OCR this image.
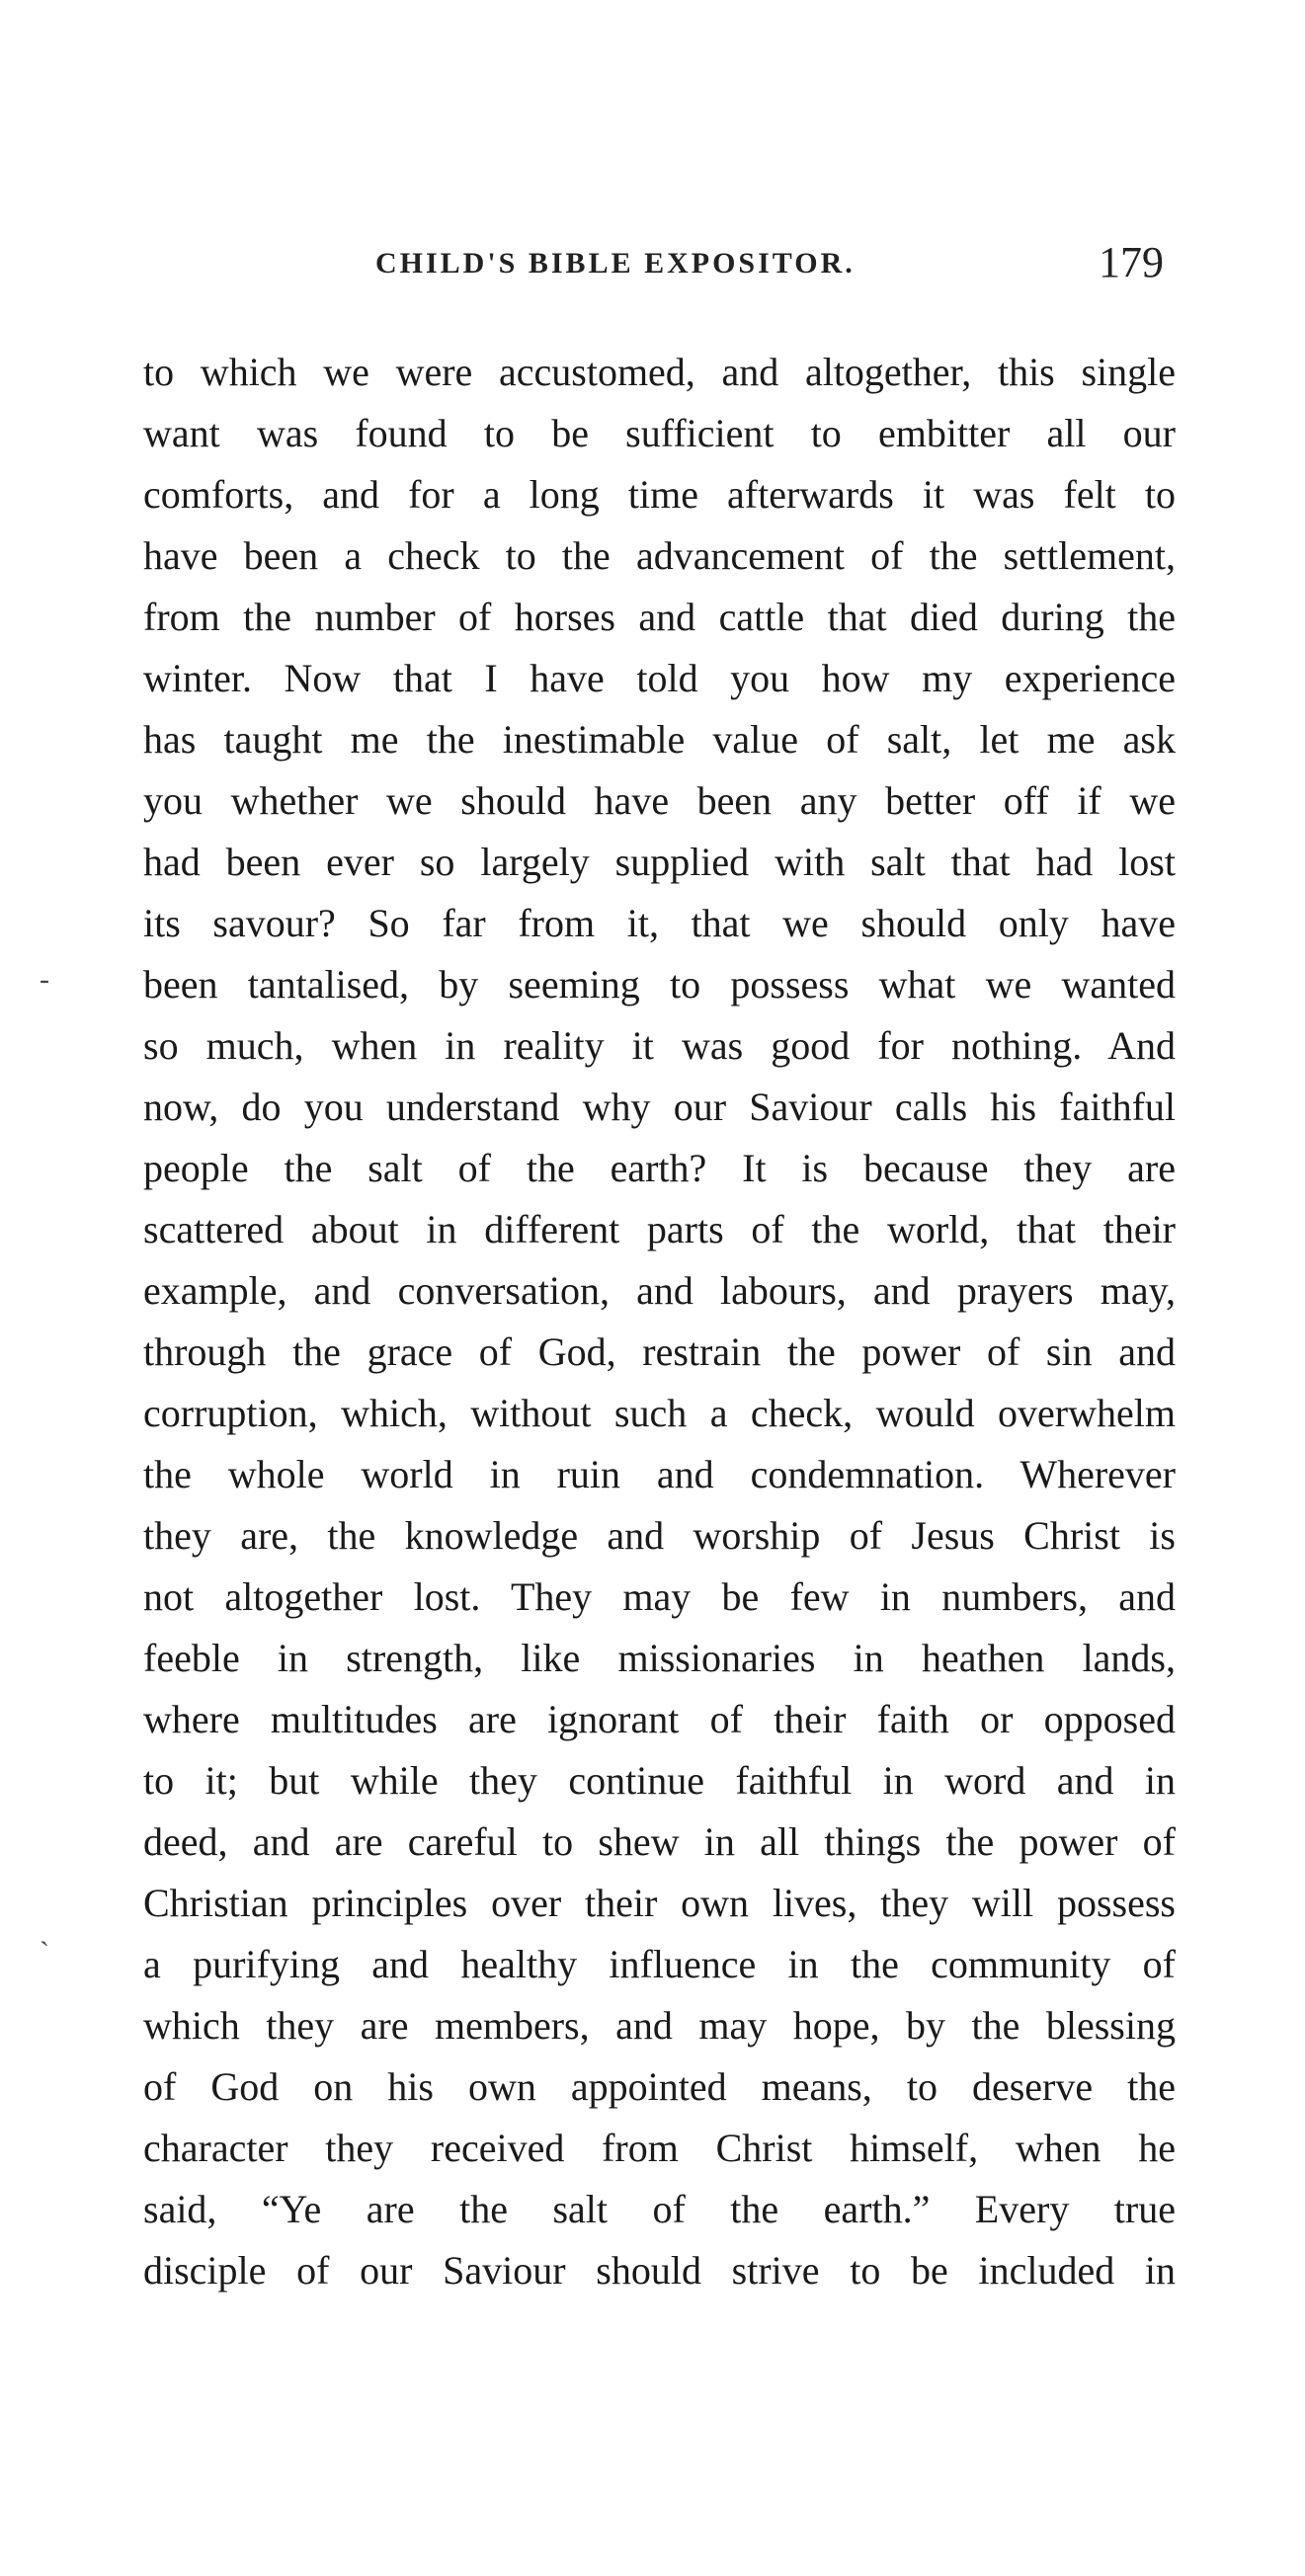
CHILD'S BIBLE EXPOSITOR.	179
to which we were accustomed, and altogether, this single
want was found to be sufficient to embitter all our
comforts, and for a long time afterwards it was felt to
have been a check to the advancement of the settlement,
from the number of horses and cattle that died during the
winter. Now that I have told you how my experience
has taught me the inestimable value of salt, let me ask
you whether we should have been any better off if we
had been ever so largely supplied with salt that had lost
its savour? So far from it, that we should only have
been tantalised, by seeming to possess what we wanted
so much, when in reality it was good for nothing. And
now, do you understand why our Saviour calls his faithful
people the salt of the earth? It is because they are
scattered about in different parts of the world, that their
example, and conversation, and labours, and prayers may,
through the grace of God, restrain the power of sin and
corruption, which, without such a check, would overwhelm
the whole world in ruin and condemnation. Wherever
they are, the knowledge and worship of Jesus Christ is
not altogether lost. They may be few in numbers, and
feeble in strength, like missionaries in heathen lands,
where multitudes are ignorant of their faith or opposed
to it; but while they continue faithful in word and in
deed, and are careful to shew in all things the power of
Christian principles over their own lives, they will possess
a purifying and healthy influence in the community of
which they are members, and may hope, by the blessing
of God on his own appointed means, to deserve the
character they received from Christ himself, when he
said, “Ye are the salt of the earth.” Every true
disciple of our Saviour should strive to be included in
-
`
